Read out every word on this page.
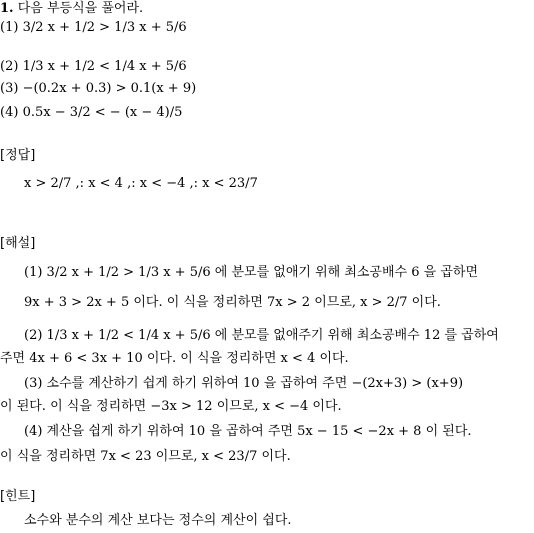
1. 다음 부등식을 풀어라.
(1) 3/2 x + 1/2 > 1/3 x + 5/6
(2) 1/3 x + 1/2 < 1/4 x + 5/6
(3) −(0.2x + 0.3) > 0.1(x + 9)
(4) 0.5x − 3/2 < − (x − 4)/5
[정답]
x > 2/7 ,: x < 4 ,: x < −4 ,: x < 23/7
[해설]
(1) 3/2 x + 1/2 > 1/3 x + 5/6 에 분모를 없애기 위해 최소공배수 6 을 곱하면
9x + 3 > 2x + 5 이다. 이 식을 정리하면 7x > 2 이므로, x > 2/7 이다.
(2) 1/3 x + 1/2 < 1/4 x + 5/6 에 분모를 없애주기 위해 최소공배수 12 를 곱하여
주면 4x + 6 < 3x + 10 이다. 이 식을 정리하면 x < 4 이다.
(3) 소수를 계산하기 쉽게 하기 위하여 10 을 곱하여 주면 −(2x+3) > (x+9)
이 된다. 이 식을 정리하면 −3x > 12 이므로, x < −4 이다.
(4) 계산을 쉽게 하기 위하여 10 을 곱하여 주면 5x − 15 < −2x + 8 이 된다.
이 식을 정리하면 7x < 23 이므로, x < 23/7 이다.
[힌트]
소수와 분수의 계산 보다는 정수의 계산이 쉽다.
